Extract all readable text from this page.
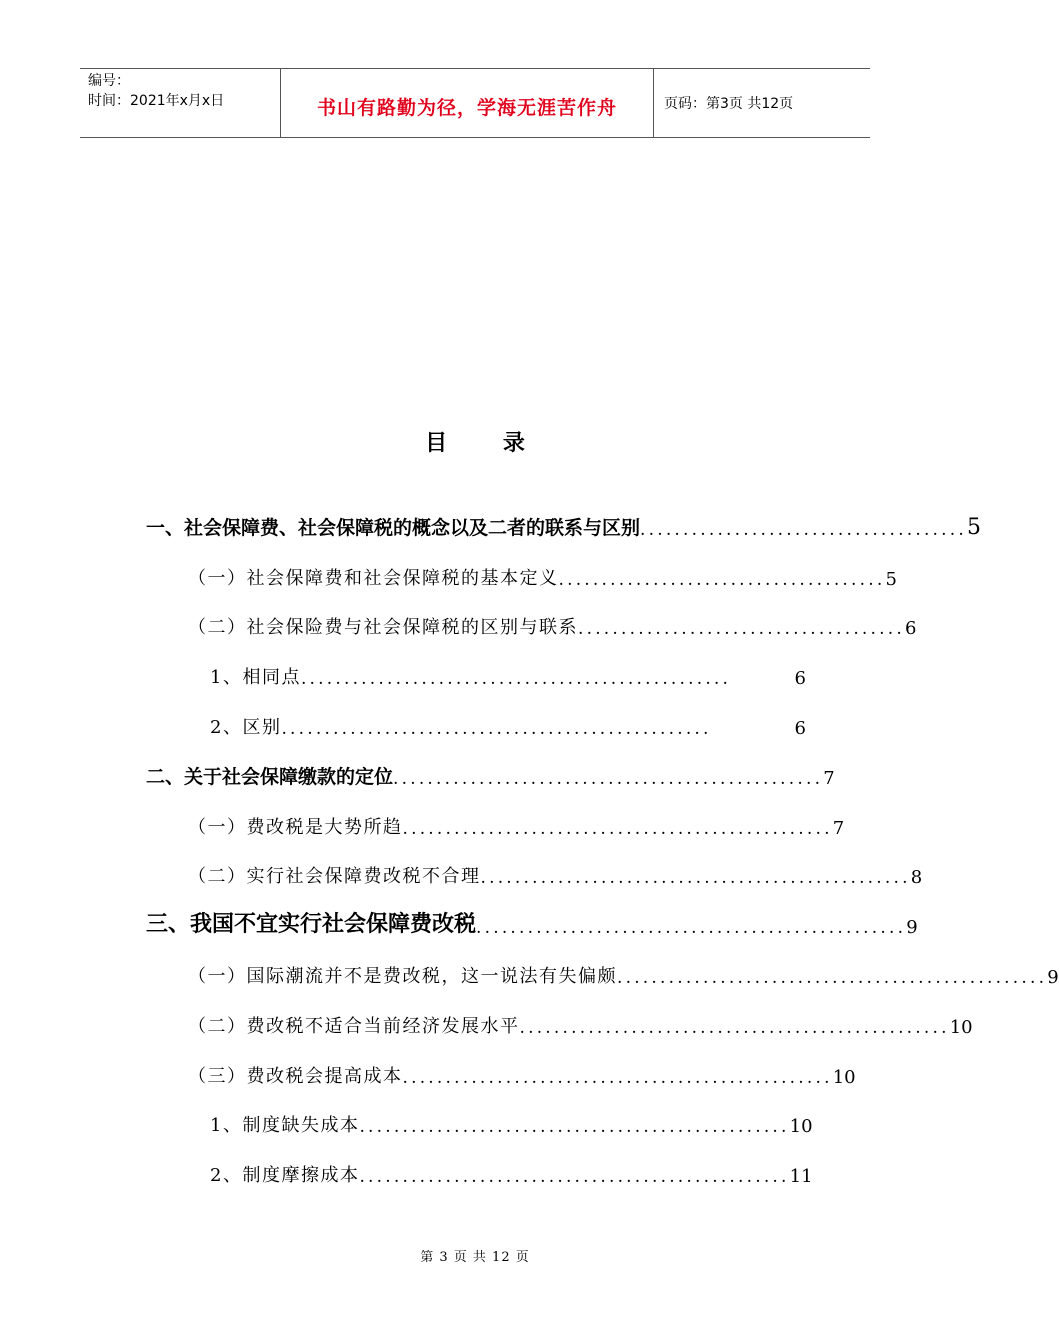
编号：
时间：2021年x月x日	书山有路勤为径，学海无涯苦作舟	页码：第3页 共12页
目 录
一、社会保障费、社会保障税的概念以及二者的联系与区别 ...................................... 5
（一）社会保障费和社会保障税的基本定义 ...................................... 5
（二）社会保险费与社会保障税的区别与联系 ...................................... 6
1、相同点 ..................................................	6
2、区别 ..................................................	6
二、关于社会保障缴款的定位 .................................................. 7
（一）费改税是大势所趋 .................................................. 7
（二）实行社会保障费改税不合理 .................................................. 8
三、我国不宜实行社会保障费改税 .................................................. 9
（一）国际潮流并不是费改税，这一说法有失偏颇 .................................................. 9
（二）费改税不适合当前经济发展水平 .................................................. 10
（三）费改税会提高成本 .................................................. 10
1、制度缺失成本 .................................................. 10
2、制度摩擦成本 .................................................. 11
第 3 页 共 12 页
